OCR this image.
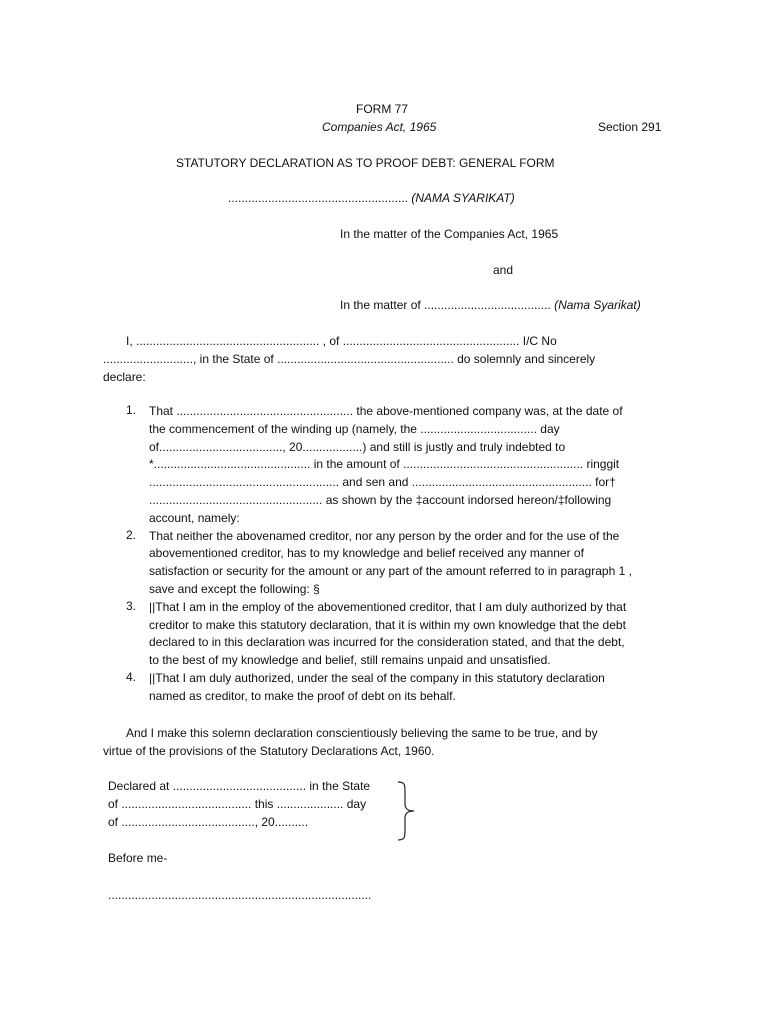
FORM 77
Companies Act, 1965	Section 291
STATUTORY DECLARATION AS TO PROOF DEBT: GENERAL FORM
...................................................... (NAMA SYARIKAT)
In the matter of the Companies Act, 1965
and
In the matter of ...................................... (Nama Syarikat)
I, ....................................................... , of ..................................................... I/C No
..........................., in the State of ..................................................... do solemnly and sincerely
declare:
1.	That ..................................................... the above-mentioned company was, at the date of
the commencement of the winding up (namely, the ................................... day
of....................................., 20..................) and still is justly and truly indebted to
*............................................... in the amount of ...................................................... ringgit
......................................................... and sen and ...................................................... for†
.................................................... as shown by the ‡account indorsed hereon/‡following
account, namely:
2.	That neither the abovenamed creditor, nor any person by the order and for the use of the
abovementioned creditor, has to my knowledge and belief received any manner of
satisfaction or security for the amount or any part of the amount referred to in paragraph 1 ,
save and except the following: §
3.	||That I am in the employ of the abovementioned creditor, that I am duly authorized by that
creditor to make this statutory declaration, that it is within my own knowledge that the debt
declared to in this declaration was incurred for the consideration stated, and that the debt,
to the best of my knowledge and belief, still remains unpaid and unsatisfied.
4.	||That I am duly authorized, under the seal of the company in this statutory declaration
named as creditor, to make the proof of debt on its behalf.
And I make this solemn declaration conscientiously believing the same to be true, and by
virtue of the provisions of the Statutory Declarations Act, 1960.
Declared at ........................................ in the State
of ....................................... this .................... day
of ........................................, 20..........
Before me-
...............................................................................
